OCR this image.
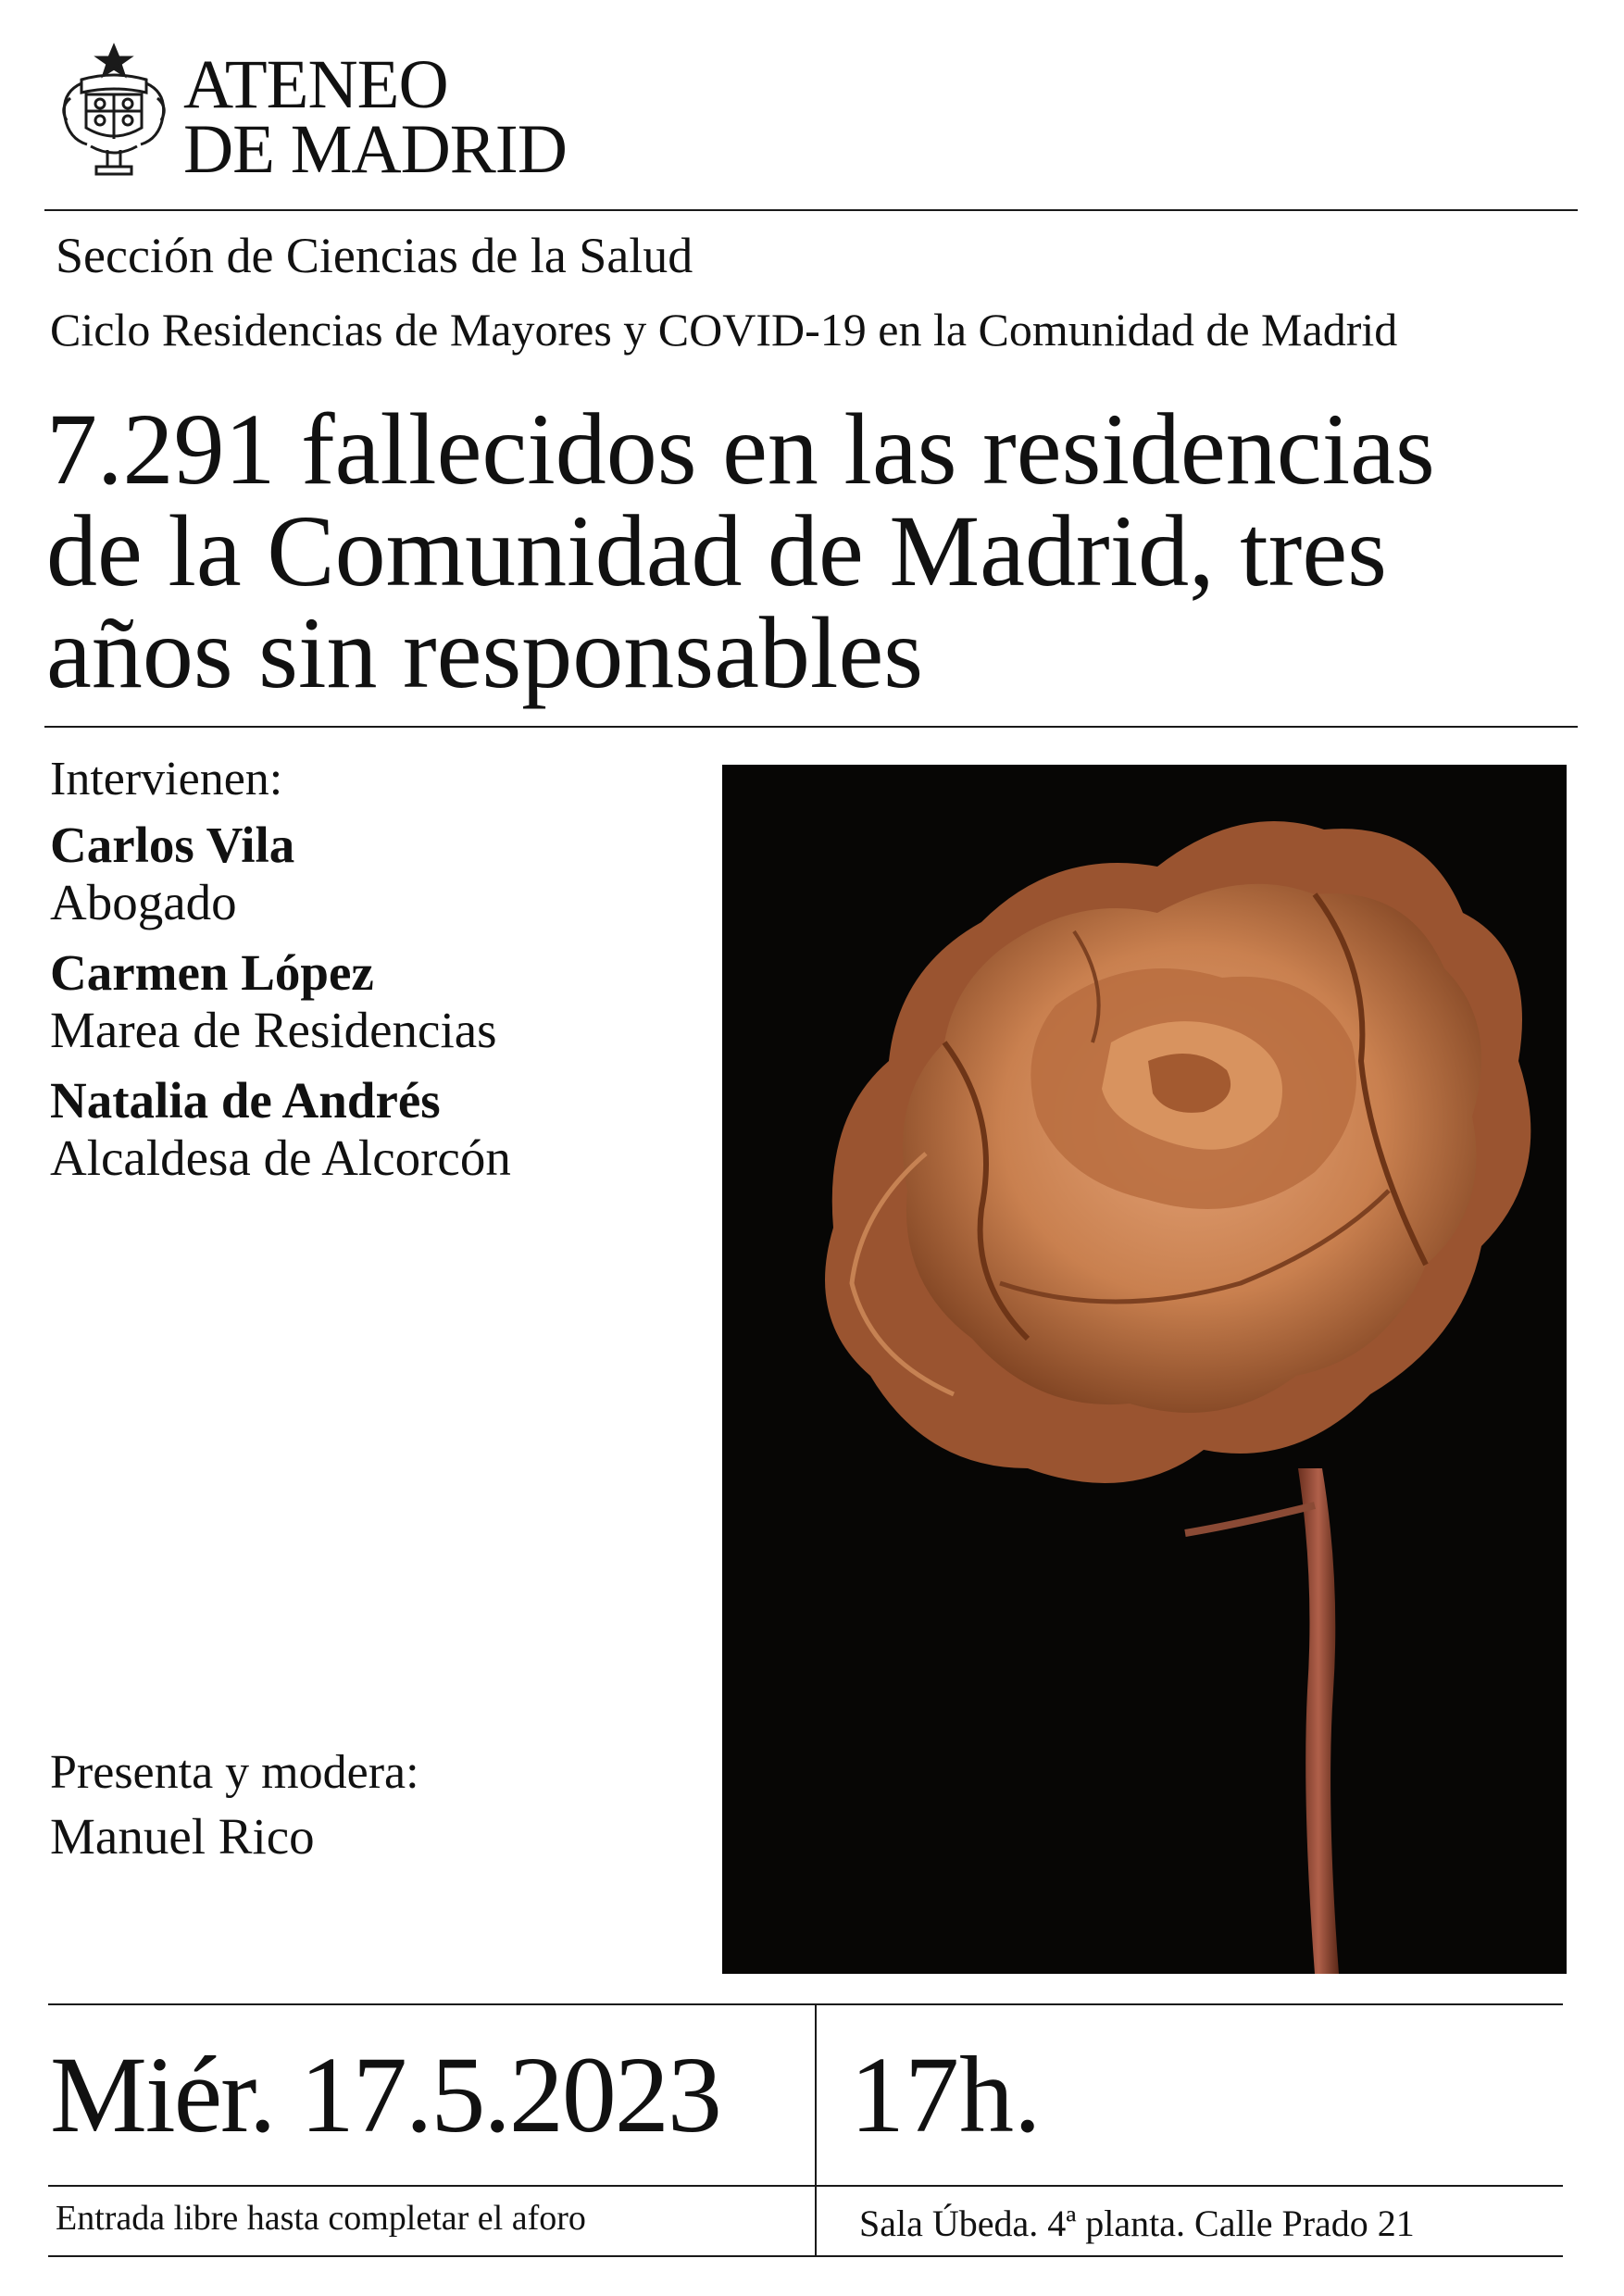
ATENEO
DE MADRID
Sección de Ciencias de la Salud
Ciclo Residencias de Mayores y COVID-19 en la Comunidad de Madrid
7.291 fallecidos en las residencias
de la Comunidad de Madrid, tres
años sin responsables
Intervienen:
Carlos Vila
Abogado
Carmen López
Marea de Residencias
Natalia de Andrés
Alcaldesa de Alcorcón
Presenta y modera:
Manuel Rico
Miér. 17.5.2023 17h.
Entrada libre hasta completar el aforo	Sala Úbeda. 4ª planta. Calle Prado 21
